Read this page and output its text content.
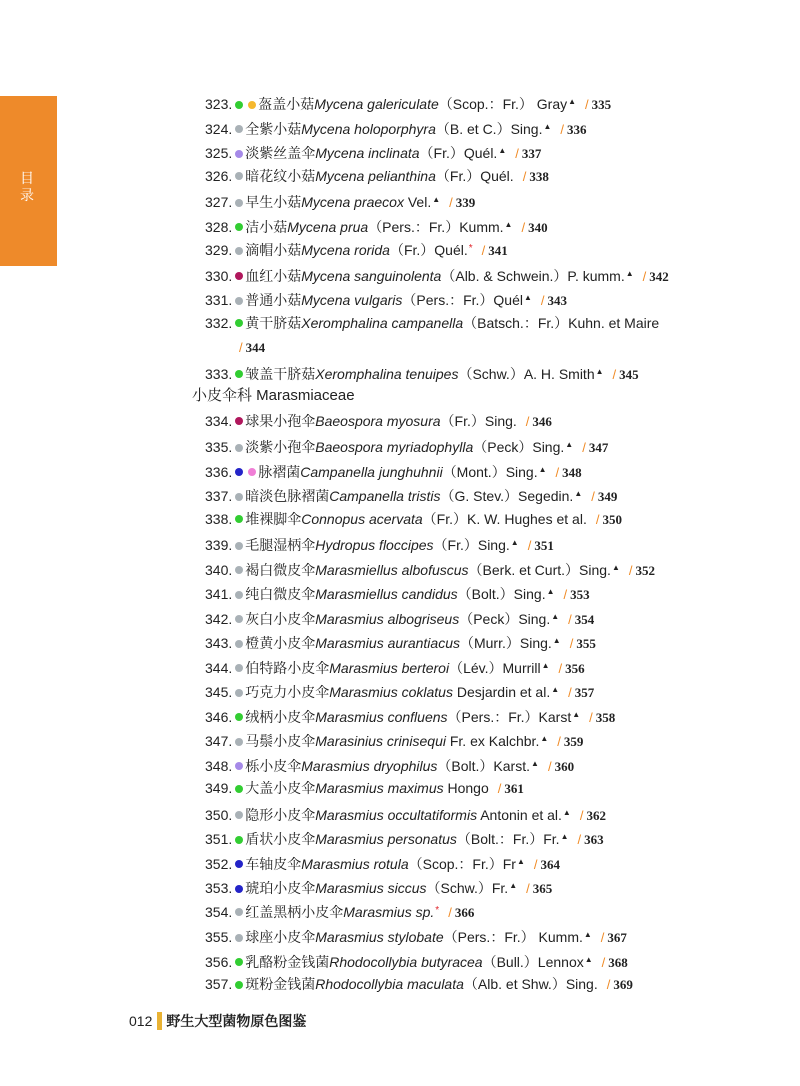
目录
323. 盔盖小菇Mycena galericulate（Scop.：Fr.） Gray▲ / 335
324. 全紫小菇Mycena holoporphyra（B. et C.）Sing.▲ / 336
325. 淡紫丝盖伞Mycena inclinata（Fr.）Quél.▲ / 337
326. 暗花纹小菇Mycena pelianthina（Fr.）Quél. / 338
327. 早生小菇Mycena praecox Vel.▲ / 339
328. 洁小菇Mycena prua（Pers.：Fr.）Kumm.▲ / 340
329. 滴帽小菇Mycena rorida（Fr.）Quél.* / 341
330. 血红小菇Mycena sanguinolenta（Alb. & Schwein.）P. kumm.▲ / 342
331. 普通小菇Mycena vulgaris（Pers.：Fr.）Quél▲ / 343
332. 黄干脐菇Xeromphalina campanella（Batsch.：Fr.）Kuhn. et Maire
/ 344
333. 皱盖干脐菇Xeromphalina tenuipes（Schw.）A. H. Smith▲ / 345
小皮伞科 Marasmiaceae
334. 球果小孢伞Baeospora myosura（Fr.）Sing. / 346
335. 淡紫小孢伞Baeospora myriadophylla（Peck）Sing.▲ / 347
336. 脉褶菌Campanella junghuhnii（Mont.）Sing.▲ / 348
337. 暗淡色脉褶菌Campanella tristis（G. Stev.）Segedin.▲ / 349
338. 堆裸脚伞Connopus acervata（Fr.）K. W. Hughes et al. / 350
339. 毛腿湿柄伞Hydropus floccipes（Fr.）Sing.▲ / 351
340. 褐白微皮伞Marasmiellus albofuscus（Berk. et Curt.）Sing.▲ / 352
341. 纯白微皮伞Marasmiellus candidus（Bolt.）Sing.▲ / 353
342. 灰白小皮伞Marasmius albogriseus（Peck）Sing.▲ / 354
343. 橙黄小皮伞Marasmius aurantiacus（Murr.）Sing.▲ / 355
344. 伯特路小皮伞Marasmius berteroi（Lév.）Murrill▲ / 356
345. 巧克力小皮伞Marasmius coklatus Desjardin et al.▲ / 357
346. 绒柄小皮伞Marasmius confluens（Pers.：Fr.）Karst▲ / 358
347. 马鬃小皮伞Marasinius crinisequi Fr. ex Kalchbr.▲ / 359
348. 栎小皮伞Marasmius dryophilus（Bolt.）Karst.▲ / 360
349. 大盖小皮伞Marasmius maximus Hongo / 361
350. 隐形小皮伞Marasmius occultatiformis Antonin et al.▲ / 362
351. 盾状小皮伞Marasmius personatus（Bolt.：Fr.）Fr.▲ / 363
352. 车轴皮伞Marasmius rotula（Scop.：Fr.）Fr▲ / 364
353. 琥珀小皮伞Marasmius siccus（Schw.）Fr.▲ / 365
354. 红盖黑柄小皮伞Marasmius sp.* / 366
355. 球座小皮伞Marasmius stylobate（Pers.：Fr.） Kumm.▲ / 367
356. 乳酪粉金钱菌Rhodocollybia butyracea（Bull.）Lennox▲ / 368
357. 斑粉金钱菌Rhodocollybia maculata（Alb. et Shw.）Sing. / 369
012 野生大型菌物原色图鉴
